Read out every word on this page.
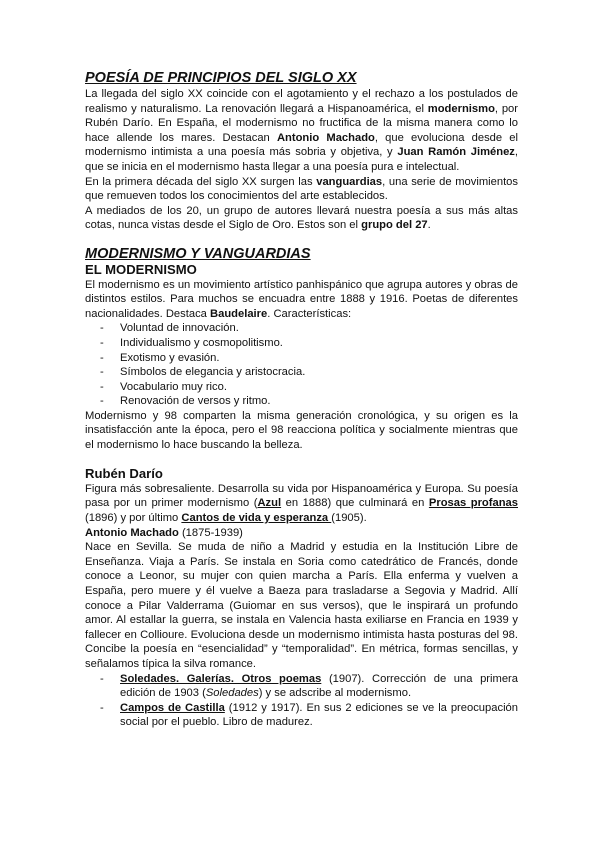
POESÍA DE PRINCIPIOS DEL SIGLO XX

La llegada del siglo XX coincide con el agotamiento y el rechazo a los postulados de realismo y naturalismo. La renovación llegará a Hispanoamérica, el modernismo, por Rubén Darío. En España, el modernismo no fructifica de la misma manera como lo hace allende los mares. Destacan Antonio Machado, que evoluciona desde el modernismo intimista a una poesía más sobria y objetiva, y Juan Ramón Jiménez, que se inicia en el modernismo hasta llegar a una poesía pura e intelectual.

En la primera década del siglo XX surgen las vanguardias, una serie de movimientos que remueven todos los conocimientos del arte establecidos.

A mediados de los 20, un grupo de autores llevará nuestra poesía a sus más altas cotas, nunca vistas desde el Siglo de Oro. Estos son el grupo del 27.

MODERNISMO Y VANGUARDIAS
EL MODERNISMO

El modernismo es un movimiento artístico panhispánico que agrupa autores y obras de distintos estilos. Para muchos se encuadra entre 1888 y 1916. Poetas de diferentes nacionalidades. Destaca Baudelaire. Características:

- Voluntad de innovación.
- Individualismo y cosmopolitismo.
- Exotismo y evasión.
- Símbolos de elegancia y aristocracia.
- Vocabulario muy rico.
- Renovación de versos y ritmo.

Modernismo y 98 comparten la misma generación cronológica, y su origen es la insatisfacción ante la época, pero el 98 reacciona política y socialmente mientras que el modernismo lo hace buscando la belleza.

Rubén Darío

Figura más sobresaliente. Desarrolla su vida por Hispanoamérica y Europa. Su poesía pasa por un primer modernismo (Azul en 1888) que culminará en Prosas profanas (1896) y por último Cantos de vida y esperanza (1905).

Antonio Machado (1875-1939)

Nace en Sevilla. Se muda de niño a Madrid y estudia en la Institución Libre de Enseñanza. Viaja a París. Se instala en Soria como catedrático de Francés, donde conoce a Leonor, su mujer con quien marcha a París. Ella enferma y vuelven a España, pero muere y él vuelve a Baeza para trasladarse a Segovia y Madrid. Allí conoce a Pilar Valderrama (Guiomar en sus versos), que le inspirará un profundo amor. Al estallar la guerra, se instala en Valencia hasta exiliarse en Francia en 1939 y fallecer en Collioure. Evoluciona desde un modernismo intimista hasta posturas del 98. Concibe la poesía en “esencialidad” y “temporalidad”. En métrica, formas sencillas, y señalamos típica la silva romance.

- Soledades. Galerías. Otros poemas (1907). Corrección de una primera edición de 1903 (Soledades) y se adscribe al modernismo.
- Campos de Castilla (1912 y 1917). En sus 2 ediciones se ve la preocupación social por el pueblo. Libro de madurez.
